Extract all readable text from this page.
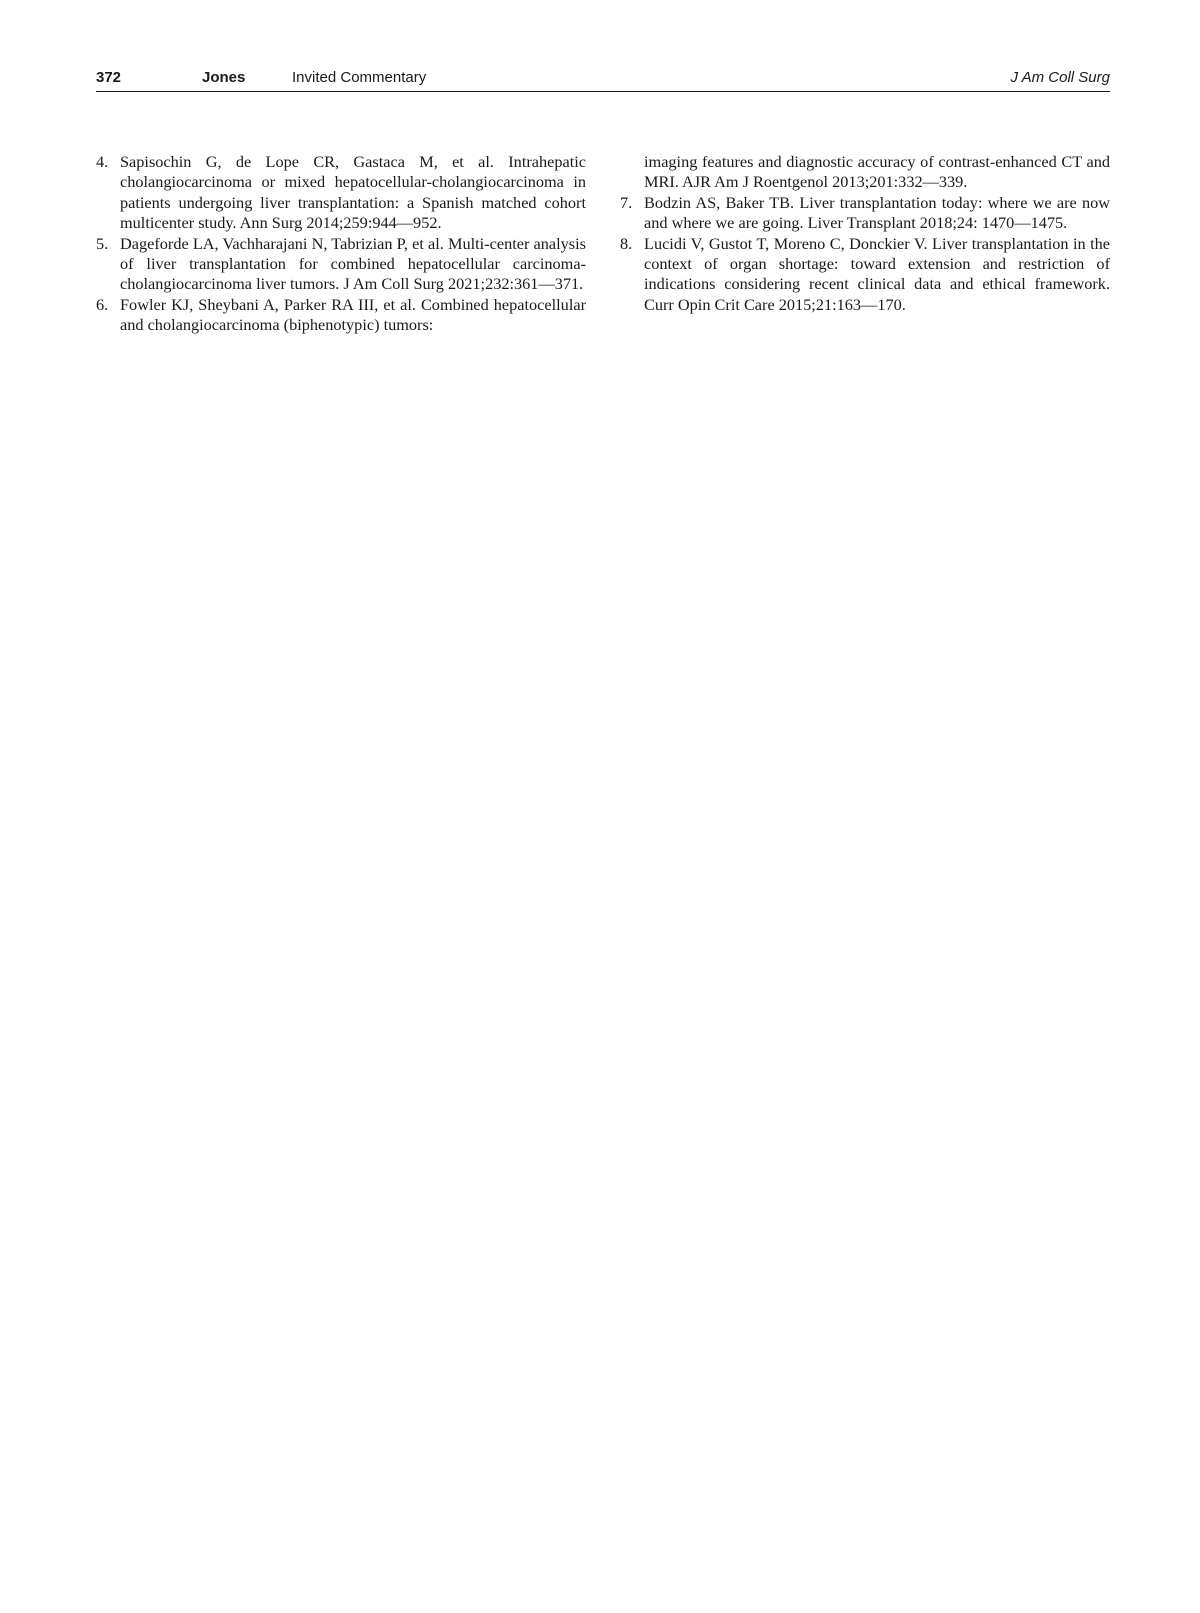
372	Jones	Invited Commentary	J Am Coll Surg
4. Sapisochin G, de Lope CR, Gastaca M, et al. Intrahepatic cholangiocarcinoma or mixed hepatocellular-cholangiocarcinoma in patients undergoing liver transplantation: a Spanish matched cohort multicenter study. Ann Surg 2014;259:944—952.
5. Dageforde LA, Vachharajani N, Tabrizian P, et al. Multi-center analysis of liver transplantation for combined hepatocellular carcinoma-cholangiocarcinoma liver tumors. J Am Coll Surg 2021;232:361—371.
6. Fowler KJ, Sheybani A, Parker RA III, et al. Combined hepatocellular and cholangiocarcinoma (biphenotypic) tumors:
imaging features and diagnostic accuracy of contrast-enhanced CT and MRI. AJR Am J Roentgenol 2013;201:332—339.
7. Bodzin AS, Baker TB. Liver transplantation today: where we are now and where we are going. Liver Transplant 2018;24: 1470—1475.
8. Lucidi V, Gustot T, Moreno C, Donckier V. Liver transplantation in the context of organ shortage: toward extension and restriction of indications considering recent clinical data and ethical framework. Curr Opin Crit Care 2015;21:163—170.
